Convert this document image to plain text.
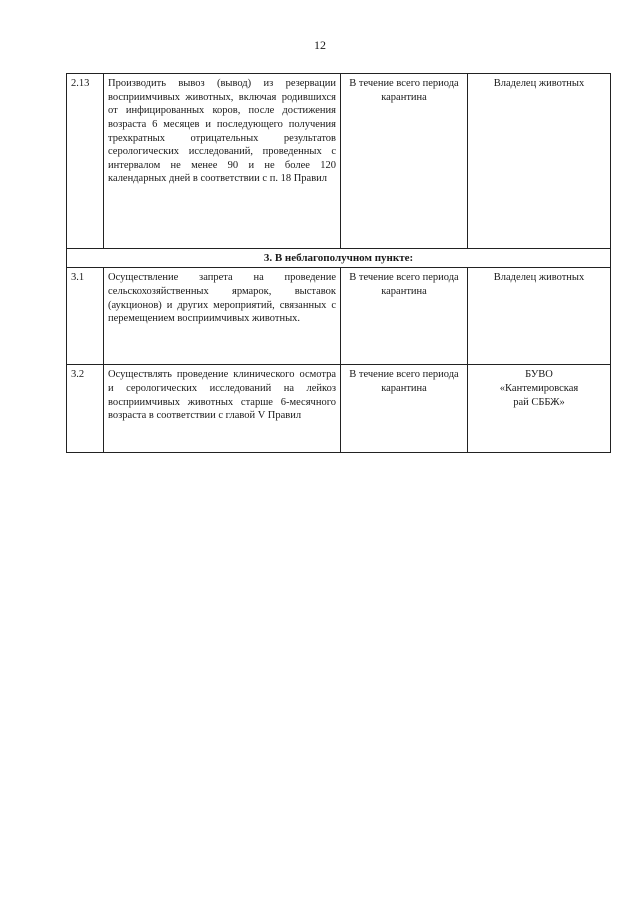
12
2.13	Производить вывоз (вывод) из резервации восприимчивых животных, включая родившихся от инфицированных коров, после достижения возраста 6 месяцев и последующего получения трехкратных отрицательных результатов серологических исследований, проведенных с интервалом не менее 90 и не более 120 календарных дней в соответствии с п. 18 Правил	В течение всего периода карантина	Владелец животных
3. В неблагополучном пункте:			
3.1	Осуществление запрета на проведение сельскохозяйственных ярмарок, выставок (аукционов) и других мероприятий, связанных с перемещением восприимчивых животных.	В течение всего периода карантина	Владелец животных
3.2	Осуществлять проведение клинического осмотра и серологических исследований на лейкоз восприимчивых животных старше 6-месячного возраста в соответствии с главой V Правил	В течение всего периода карантина	БУВО
«Кантемировская
рай СББЖ»
